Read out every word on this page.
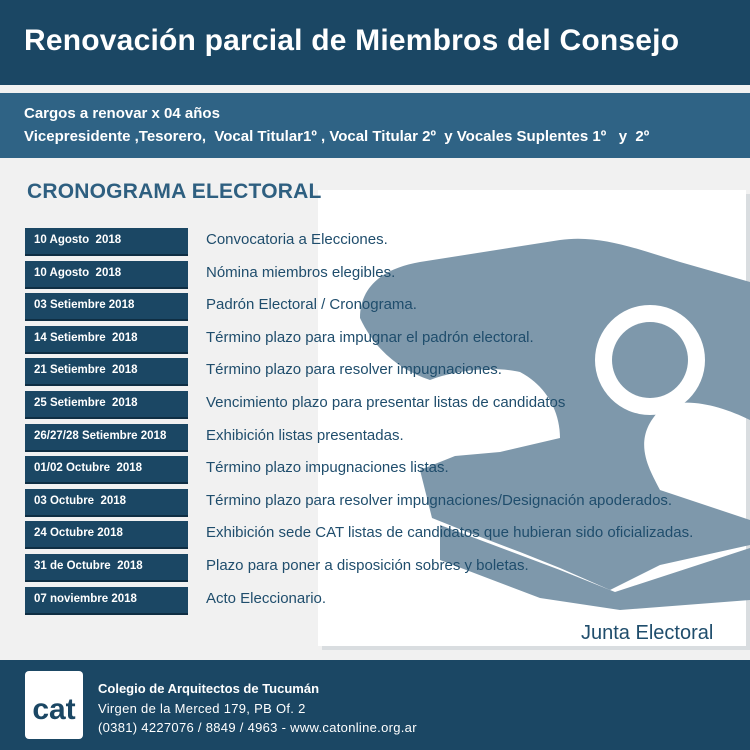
Renovación parcial de Miembros del Consejo
Cargos a renovar x 04 años
Vicepresidente ,Tesorero,  Vocal Titular1º , Vocal Titular 2º  y Vocales Suplentes 1º   y  2º
CRONOGRAMA ELECTORAL
10 Agosto  2018	Convocatoria a Elecciones.
10 Agosto  2018	Nómina miembros elegibles.
03 Setiembre 2018	Padrón Electoral / Cronograma.
14 Setiembre  2018	Término plazo para impugnar el padrón electoral.
21 Setiembre  2018	Término plazo para resolver impugnaciones.
25 Setiembre  2018	Vencimiento plazo para presentar listas de candidatos
26/27/28 Setiembre 2018	Exhibición listas presentadas.
01/02 Octubre  2018	Término plazo impugnaciones listas.
03 Octubre  2018	Término plazo para resolver impugnaciones/Designación apoderados.
24 Octubre 2018	Exhibición sede CAT listas de candidatos que hubieran sido oficializadas.
31 de Octubre  2018	Plazo para poner a disposición sobres y boletas.
07 noviembre 2018	Acto Eleccionario.
Junta Electoral
cat
Colegio de Arquitectos de Tucumán
Virgen de la Merced 179, PB Of. 2
(0381) 4227076 / 8849 / 4963 - www.catonline.org.ar
